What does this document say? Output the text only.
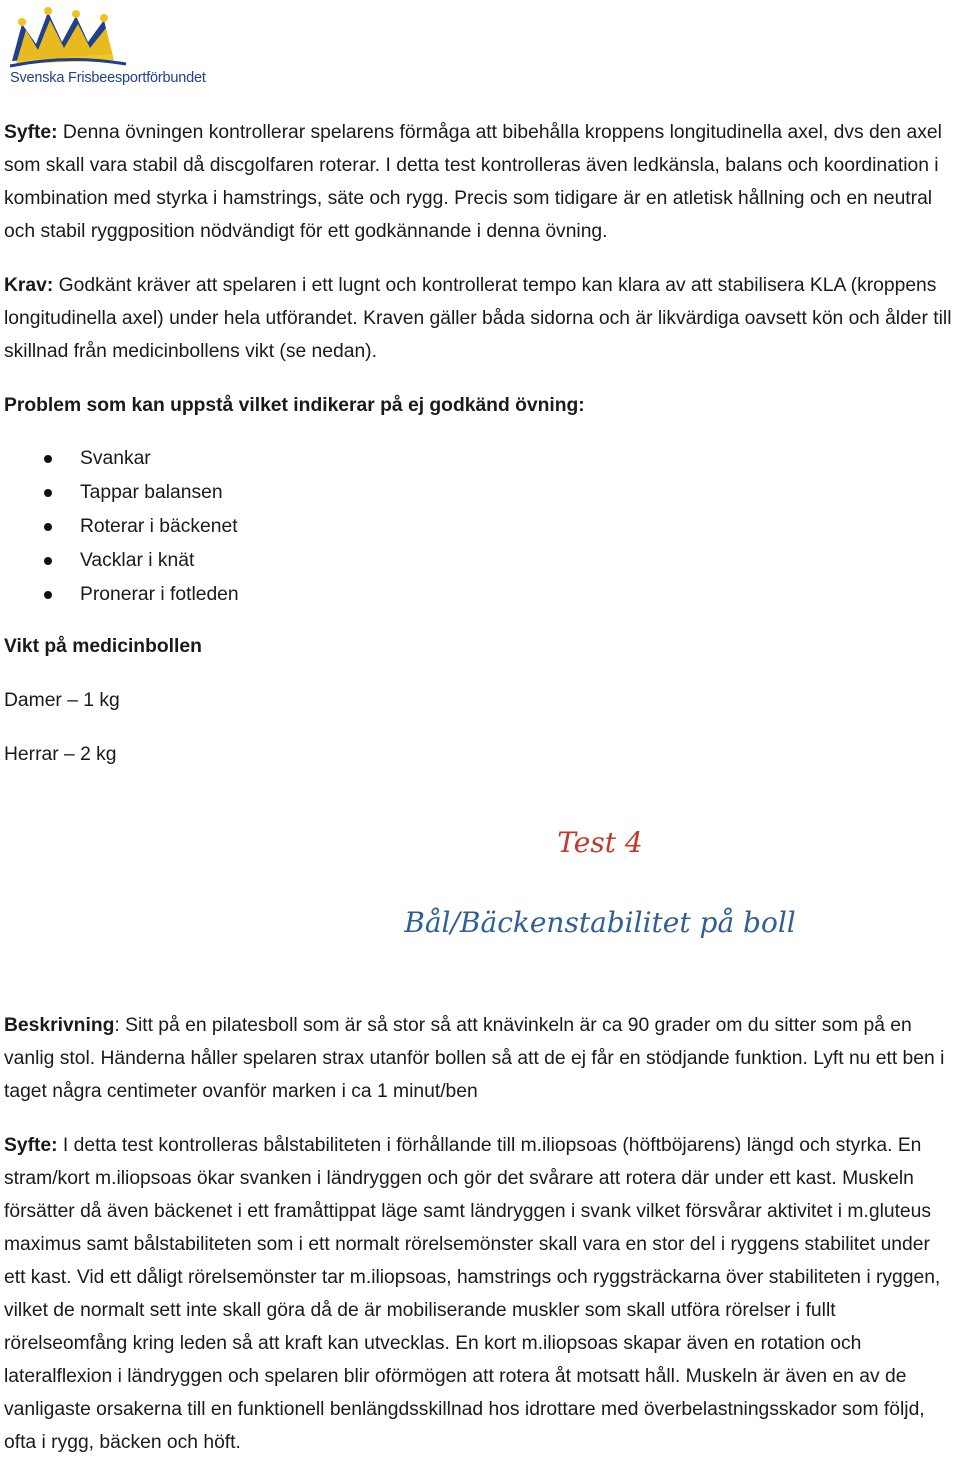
Svenska Frisbeesportförbundet

Syfte: Denna övningen kontrollerar spelarens förmåga att bibehålla kroppens longitudinella axel, dvs den axel som skall vara stabil då discgolfaren roterar. I detta test kontrolleras även ledkänsla, balans och koordination i kombination med styrka i hamstrings, säte och rygg. Precis som tidigare är en atletisk hållning och en neutral och stabil ryggposition nödvändigt för ett godkännande i denna övning.

Krav: Godkänt kräver att spelaren i ett lugnt och kontrollerat tempo kan klara av att stabilisera KLA (kroppens longitudinella axel) under hela utförandet. Kraven gäller båda sidorna och är likvärdiga oavsett kön och ålder till skillnad från medicinbollens vikt (se nedan).

Problem som kan uppstå vilket indikerar på ej godkänd övning:

Svankar
Tappar balansen
Roterar i bäckenet
Vacklar i knät
Pronerar i fotleden

Vikt på medicinbollen

Damer – 1 kg

Herrar – 2 kg

Test 4
Bål/Bäckenstabilitet på boll

Beskrivning: Sitt på en pilatesboll som är så stor så att knävinkeln är ca 90 grader om du sitter som på en vanlig stol. Händerna håller spelaren strax utanför bollen så att de ej får en stödjande funktion. Lyft nu ett ben i taget några centimeter ovanför marken i ca 1 minut/ben

Syfte: I detta test kontrolleras bålstabiliteten i förhållande till m.iliopsoas (höftböjarens) längd och styrka. En stram/kort m.iliopsoas ökar svanken i ländryggen och gör det svårare att rotera där under ett kast. Muskeln försätter då även bäckenet i ett framåttippat läge samt ländryggen i svank vilket försvårar aktivitet i m.gluteus maximus samt bålstabiliteten som i ett normalt rörelsemönster skall vara en stor del i ryggens stabilitet under ett kast. Vid ett dåligt rörelsemönster tar m.iliopsoas, hamstrings och ryggsträckarna över stabiliteten i ryggen, vilket de normalt sett inte skall göra då de är mobiliserande muskler som skall utföra rörelser i fullt rörelseomfång kring leden så att kraft kan utvecklas. En kort m.iliopsoas skapar även en rotation och lateralflexion i ländryggen och spelaren blir oförmögen att rotera åt motsatt håll. Muskeln är även en av de vanligaste orsakerna till en funktionell benlängdsskillnad hos idrottare med överbelastningsskador som följd, ofta i rygg, bäcken och höft.
